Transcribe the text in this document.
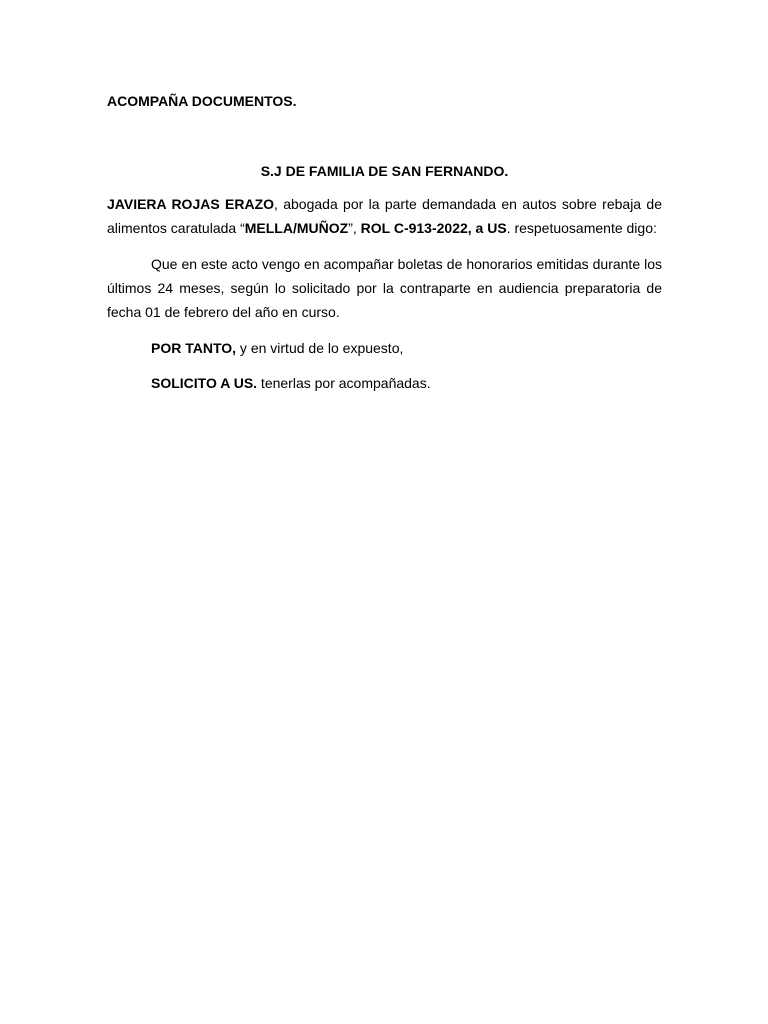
ACOMPAÑA DOCUMENTOS.
S.J DE FAMILIA DE SAN FERNANDO.
JAVIERA ROJAS ERAZO, abogada por la parte demandada en autos sobre rebaja de alimentos caratulada “MELLA/MUÑOZ”, ROL C-913-2022, a US. respetuosamente digo:
Que en este acto vengo en acompañar boletas de honorarios emitidas durante los últimos 24 meses, según lo solicitado por la contraparte en audiencia preparatoria de fecha 01 de febrero del año en curso.
POR TANTO, y en virtud de lo expuesto,
SOLICITO A US. tenerlas por acompañadas.
